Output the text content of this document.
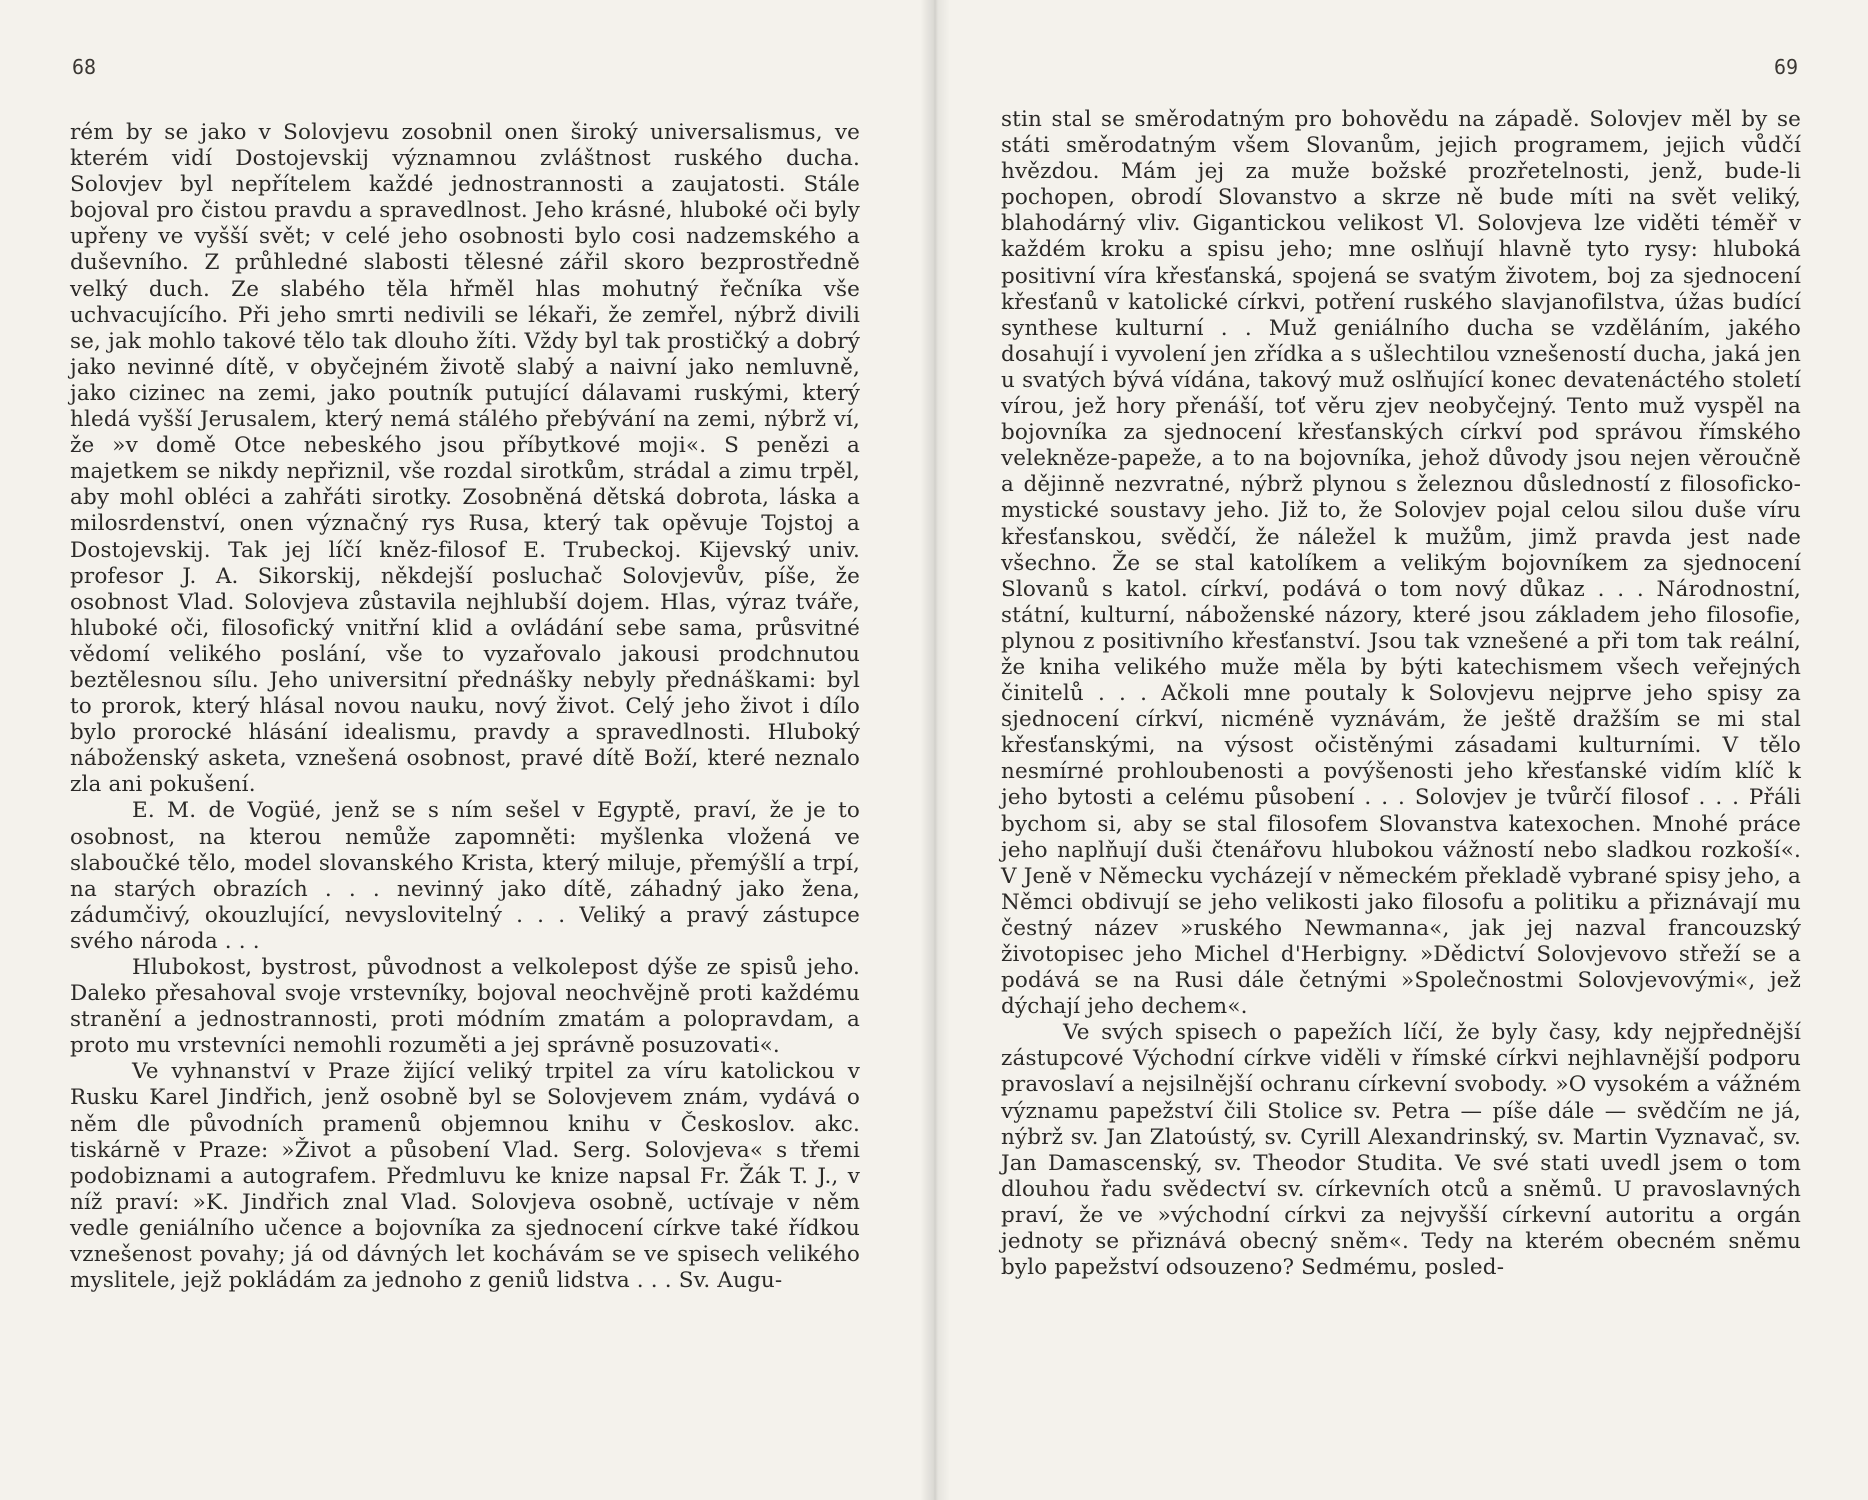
68

rém by se jako v Solovjevu zosobnil onen široký universalismus, ve kterém vidí Dostojevskij významnou zvláštnost ruského ducha. Solovjev byl nepřítelem každé jednostrannosti a zaujatosti. Stále bojoval pro čistou pravdu a spravedlnost. Jeho krásné, hluboké oči byly upřeny ve vyšší svět; v celé jeho osobnosti bylo cosi nadzemského a duševního. Z průhledné slabosti tělesné zářil skoro bezprostředně velký duch. Ze slabého těla hřměl hlas mohutný řečníka vše uchvacujícího. Při jeho smrti nedivili se lékaři, že zemřel, nýbrž divili se, jak mohlo takové tělo tak dlouho žíti. Vždy byl tak prostičký a dobrý jako nevinné dítě, v obyčejném životě slabý a naivní jako nemluvně, jako cizinec na zemi, jako poutník putující dálavami ruskými, který hledá vyšší Jerusalem, který nemá stálého přebývání na zemi, nýbrž ví, že »v domě Otce nebeského jsou příbytkové moji«. S penězi a majetkem se nikdy nepřiznil, vše rozdal sirotkům, strádal a zimu trpěl, aby mohl obléci a zahřáti sirotky. Zosobněná dětská dobrota, láska a milosrdenství, onen význačný rys Rusa, který tak opěvuje Tojstoj a Dostojevskij. Tak jej líčí kněz-filosof E. Trubeckoj. Kijevský univ. profesor J. A. Sikorskij, někdejší posluchač Solovjevův, píše, že osobnost Vlad. Solovjeva zůstavila nejhlubší dojem. Hlas, výraz tváře, hluboké oči, filosofický vnitřní klid a ovládání sebe sama, průsvitné vědomí velikého poslání, vše to vyzařovalo jakousi prodchnutou beztělesnou sílu. Jeho universitní přednášky nebyly přednáškami: byl to prorok, který hlásal novou nauku, nový život. Celý jeho život i dílo bylo prorocké hlásání idealismu, pravdy a spravedlnosti. Hluboký náboženský asketa, vznešená osobnost, pravé dítě Boží, které neznalo zla ani pokušení.

E. M. de Vogüé, jenž se s ním sešel v Egyptě, praví, že je to osobnost, na kterou nemůže zapomněti: myšlenka vložená ve slaboučké tělo, model slovanského Krista, který miluje, přemýšlí a trpí, na starých obrazích . . . nevinný jako dítě, záhadný jako žena, zádumčivý, okouzlující, nevyslovitelný . . . Veliký a pravý zástupce svého národa . . .

Hlubokost, bystrost, původnost a velkolepost dýše ze spisů jeho. Daleko přesahoval svoje vrstevníky, bojoval neochvějně proti každému stranění a jednostrannosti, proti módním zmatám a polopravdam, a proto mu vrstevníci nemohli rozuměti a jej správně posuzovati«.

Ve vyhnanství v Praze žijící veliký trpitel za víru katolickou v Rusku Karel Jindřich, jenž osobně byl se Solovjevem znám, vydává o něm dle původních pramenů objemnou knihu v Českoslov. akc. tiskárně v Praze: »Život a působení Vlad. Serg. Solovjeva« s třemi podobiznami a autografem. Předmluvu ke knize napsal Fr. Žák T. J., v níž praví: »K. Jindřich znal Vlad. Solovjeva osobně, uctívaje v něm vedle geniálního učence a bojovníka za sjednocení církve také řídkou vznešenost povahy; já od dávných let kochávám se ve spisech velikého myslitele, jejž pokládám za jednoho z geniů lidstva . . . Sv. Augu-

stin stal se směrodatným pro bohovědu na západě. Solovjev měl by se státi směrodatným všem Slovanům, jejich programem, jejich vůdčí hvězdou. Mám jej za muže božské prozřetelnosti, jenž, bude-li pochopen, obrodí Slovanstvo a skrze ně bude míti na svět veliký, blahodárný vliv. Gigantickou velikost Vl. Solovjeva lze viděti téměř v každém kroku a spisu jeho; mne oslňují hlavně tyto rysy: hluboká positivní víra křesťanská, spojená se svatým životem, boj za sjednocení křesťanů v katolické církvi, potření ruského slavjanofilstva, úžas budící synthese kulturní . . Muž geniálního ducha se vzděláním, jakého dosahují i vyvolení jen zřídka a s ušlechtilou vznešeností ducha, jaká jen u svatých bývá vídána, takový muž oslňující konec devatenáctého století vírou, jež hory přenáší, toť věru zjev neobyčejný. Tento muž vyspěl na bojovníka za sjednocení křesťanských církví pod správou římského velekněze-papeže, a to na bojovníka, jehož důvody jsou nejen věroučně a dějinně nezvratné, nýbrž plynou s železnou důsledností z filosoficko-mystické soustavy jeho. Již to, že Solovjev pojal celou silou duše víru křesťanskou, svědčí, že náležel k mužům, jimž pravda jest nade všechno. Že se stal katolíkem a velikým bojovníkem za sjednocení Slovanů s katol. církví, podává o tom nový důkaz . . . Národnostní, státní, kulturní, náboženské názory, které jsou základem jeho filosofie, plynou z positivního křesťanství. Jsou tak vznešené a při tom tak reální, že kniha velikého muže měla by býti katechismem všech veřejných činitelů . . . Ačkoli mne poutaly k Solovjevu nejprve jeho spisy za sjednocení církví, nicméně vyznávám, že ještě dražším se mi stal křesťanskými, na výsost očistěnými zásadami kulturními. V tělo nesmírné prohloubenosti a povýšenosti jeho křesťanské vidím klíč k jeho bytosti a celému působení . . . Solovjev je tvůrčí filosof . . . Přáli bychom si, aby se stal filosofem Slovanstva katexochen. Mnohé práce jeho naplňují duši čtenářovu hlubokou vážností nebo sladkou rozkoší«. V Jeně v Německu vycházejí v německém překladě vybrané spisy jeho, a Němci obdivují se jeho velikosti jako filosofu a politiku a přiznávají mu čestný název »ruského Newmanna«, jak jej nazval francouzský životopisec jeho Michel d'Herbigny. »Dědictví Solovjevovo střeží se a podává se na Rusi dále četnými »Společnostmi Solovjevovými«, jež dýchají jeho dechem«.

Ve svých spisech o papežích líčí, že byly časy, kdy nejpřednější zástupcové Východní církve viděli v římské církvi nejhlavnější podporu pravoslaví a nejsilnější ochranu církevní svobody. »O vysokém a vážném významu papežství čili Stolice sv. Petra — píše dále — svědčím ne já, nýbrž sv. Jan Zlatoústý, sv. Cyrill Alexandrinský, sv. Martin Vyznavač, sv. Jan Damascenský, sv. Theodor Studita. Ve své stati uvedl jsem o tom dlouhou řadu svědectví sv. církevních otců a sněmů. U pravoslavných praví, že ve »východní církvi za nejvyšší církevní autoritu a orgán jednoty se přiznává obecný sněm«. Tedy na kterém obecném sněmu bylo papežství odsouzeno? Sedmému, posled-

69
